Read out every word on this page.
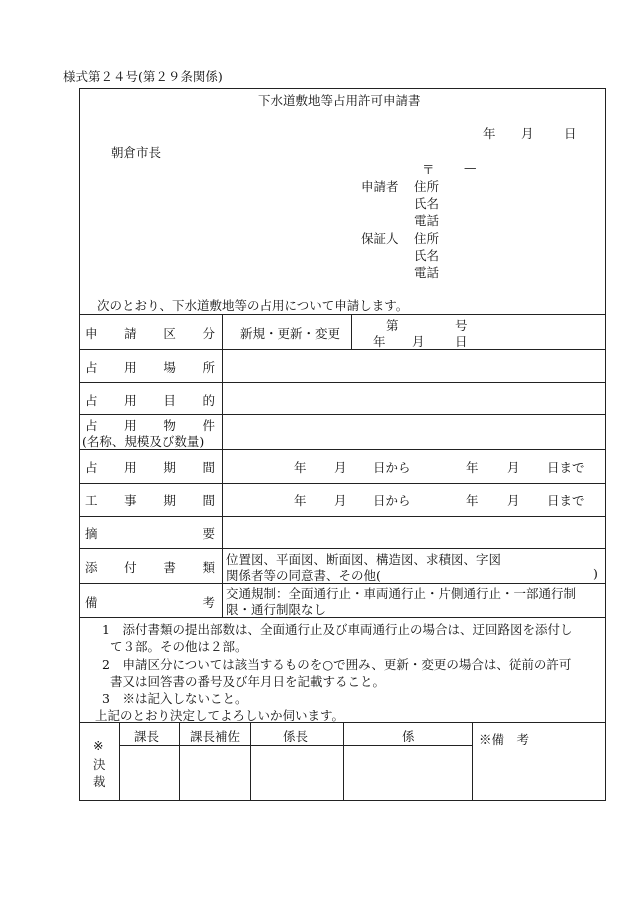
様式第２４号(第２９条関係)
下水道敷地等占用許可申請書
年 月 日
朝倉市長
〒 —
申請者 住所
氏名
電話
保証人 住所
氏名
電話
次のとおり、下水道敷地等の占用について申請します。
申 請 区 分 新規・更新・変更
第	号
年 月 日
占 用 場 所
占 用 目 的
占 用 物 件
(名称、規模及び数量)
占 用 期 間	年 月 日から	年 月 日まで
工 事 期 間	年 月 日から	年 月 日まで
摘	要
添 付 書 類
位置図、平面図、断面図、構造図、求積図、字図
関係者等の同意書、その他(	)
備	考
交通規制：全面通行止・車両通行止・片側通行止・一部通行制
限・通行制限なし
1　添付書類の提出部数は、全面通行止及び車両通行止の場合は、迂回路図を添付し
て３部。その他は２部。
2　申請区分については該当するものを○で囲み、更新・変更の場合は、従前の許可
書又は回答書の番号及び年月日を記載すること。
3　※は記入しないこと。
上記のとおり決定してよろしいか伺います。
※
決
裁
課長 課長補佐	係長	係	※備　考
